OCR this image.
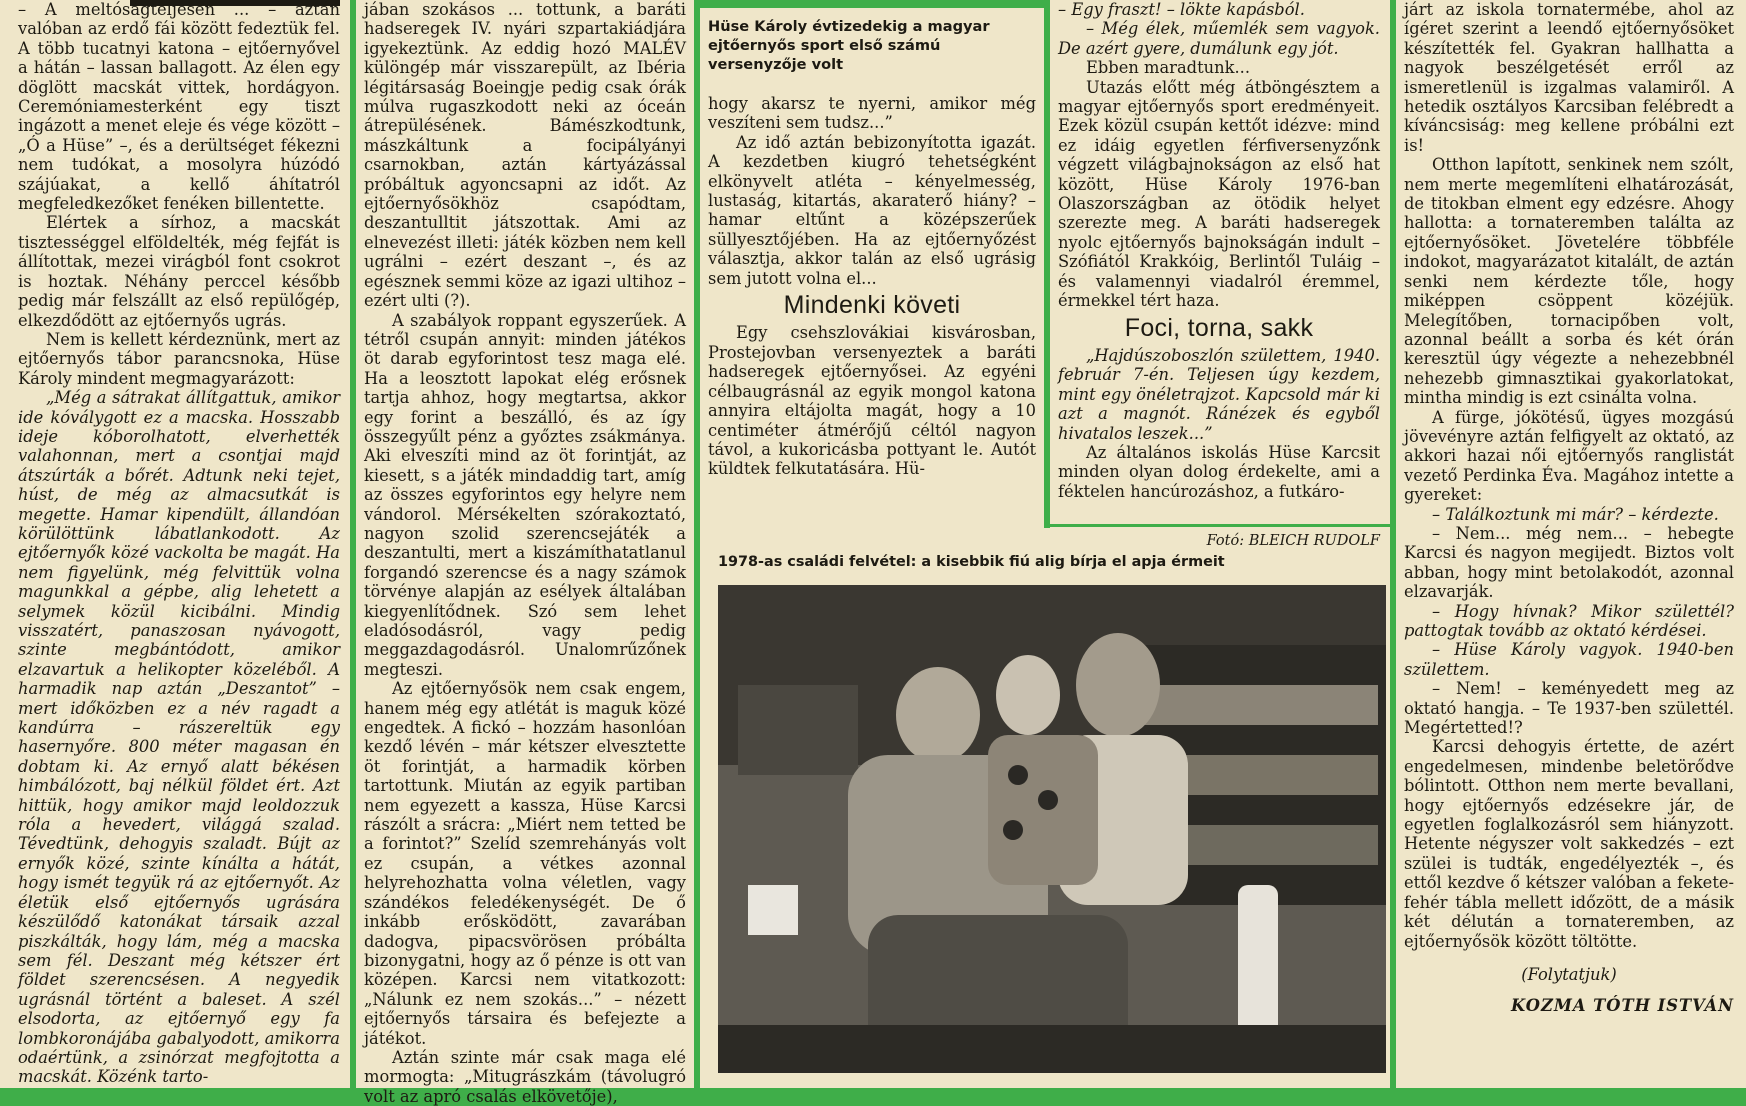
– A meltóságteljesen ... – aztán valóban az erdő fái között fedeztük fel. A több tucatnyi katona – ejtőernyővel a hátán – lassan ballagott. Az élen egy döglött macskát vittek, hordágyon. Ceremóniamesterként egy tiszt ingázott a menet eleje és vége között – „Ó a Hüse” –, és a derültséget fékezni nem tudókat, a mosolyra húzódó szájúakat, a kellő áhítatról megfeledkezőket fenéken billentette.

Elértek a sírhoz, a macskát tisztességgel elföldelték, még fejfát is állítottak, mezei virágból font csokrot is hoztak. Néhány perccel később pedig már felszállt az első repülőgép, elkezdődött az ejtőernyős ugrás.

Nem is kellett kérdeznünk, mert az ejtőernyős tábor parancsnoka, Hüse Károly mindent megmagyarázott:

„Még a sátrakat állítgattuk, amikor ide kóválygott ez a macska. Hosszabb ideje kóborolhatott, elverhették valahonnan, mert a csontjai majd átszúrták a bőrét. Adtunk neki tejet, húst, de még az almacsutkát is megette. Hamar kipendült, állandóan körülöttünk lábatlankodott. Az ejtőernyők közé vackolta be magát. Ha nem figyelünk, még felvittük volna magunkkal a gépbe, alig lehetett a selymek közül kicibálni. Mindig visszatért, panaszosan nyávogott, szinte megbántódott, amikor elzavartuk a helikopter közeléből. A harmadik nap aztán „Deszantot” – mert időközben ez a név ragadt a kandúrra – rászereltük egy hasernyőre. 800 méter magasan én dobtam ki. Az ernyő alatt békésen himbálózott, baj nélkül földet ért. Azt hittük, hogy amikor majd leoldozzuk róla a hevedert, világgá szalad. Tévedtünk, dehogyis szaladt. Bújt az ernyők közé, szinte kínálta a hátát, hogy ismét tegyük rá az ejtőernyőt. Az életük első ejtőernyős ugrására készülődő katonákat társaik azzal piszkálták, hogy lám, még a macska sem fél. Deszant még kétszer ért földet szerencsésen. A negyedik ugrásnál történt a baleset. A szél elsodorta, az ejtőernyő egy fa lombkoronájába gabalyodott, amikorra odaértünk, a zsinórzat megfojtotta a macskát. Közénk tarto-

jában szokásos ... tottunk, a baráti hadseregek IV. nyári szpartakiádjára igyekeztünk. Az eddig hozó MALÉV különgép már visszarepült, az Ibéria légitársaság Boeingje pedig csak órák múlva rugaszkodott neki az óceán átrepülésének. Bámészkodtunk, mászkáltunk a focipályányi csarnokban, aztán kártyázással próbáltuk agyoncsapni az időt. Az ejtőernyősökhöz csapódtam, deszantulltit játszottak. Ami az elnevezést illeti: játék közben nem kell ugrálni – ezért deszant –, és az egésznek semmi köze az igazi ultihoz – ezért ulti (?).

A szabályok roppant egyszerűek. A tétről csupán annyit: minden játékos öt darab egyforintost tesz maga elé. Ha a leosztott lapokat elég erősnek tartja ahhoz, hogy megtartsa, akkor egy forint a beszálló, és az így összegyűlt pénz a győztes zsákmánya. Aki elveszíti mind az öt forintját, az kiesett, s a játék mindaddig tart, amíg az összes egyforintos egy helyre nem vándorol. Mérsékelten szórakoztató, nagyon szolid szerencsejáték a deszantulti, mert a kiszámíthatatlanul forgandó szerencse és a nagy számok törvénye alapján az esélyek általában kiegyenlítődnek. Szó sem lehet eladósodásról, vagy pedig meggazdagodásról. Unalomrűzőnek megteszi.

Az ejtőernyősök nem csak engem, hanem még egy atlétát is maguk közé engedtek. A fickó – hozzám hasonlóan kezdő lévén – már kétszer elvesztette öt forintját, a harmadik körben tartottunk. Miután az egyik partiban nem egyezett a kassza, Hüse Karcsi rászólt a srácra: „Miért nem tetted be a forintot?” Szelíd szemrehányás volt ez csupán, a vétkes azonnal helyrehozhatta volna véletlen, vagy szándékos feledékenységét. De ő inkább erősködött, zavarában dadogva, pipacsvörösen próbálta bizonygatni, hogy az ő pénze is ott van középen. Karcsi nem vitatkozott: „Nálunk ez nem szokás...” – nézett ejtőernyős társaira és befejezte a játékot.

Aztán szinte már csak maga elé mormogta: „Mitugrászkám (távolugró volt az apró csalás elkövetője),

Hüse Károly évtizedekig a magyar ejtőernyős sport első számú versenyzője volt

hogy akarsz te nyerni, amikor még veszíteni sem tudsz...”

Az idő aztán bebizonyította igazát. A kezdetben kiugró tehetségként elkönyvelt atléta – kényelmesség, lustaság, kitartás, akaraterő hiány? – hamar eltűnt a középszerűek süllyesztőjében. Ha az ejtőernyőzést választja, akkor talán az első ugrásig sem jutott volna el...

Mindenki követi

Egy csehszlovákiai kisvárosban, Prostejovban versenyeztek a baráti hadseregek ejtőernyősei. Az egyéni célbaugrásnál az egyik mongol katona annyira eltájolta magát, hogy a 10 centiméter átmérőjű céltól nagyon távol, a kukoricásba pottyant le. Autót küldtek felkutatására. Hü-

– Egy fraszt! – lökte kapásból.

– Még élek, műemlék sem vagyok. De azért gyere, dumálunk egy jót.

Ebben maradtunk...

Utazás előtt még átböngésztem a magyar ejtőernyős sport eredményeit. Ezek közül csupán kettőt idézve: mind ez idáig egyetlen férfiversenyzőnk végzett világbajnokságon az első hat között, Hüse Károly 1976-ban Olaszországban az ötödik helyet szerezte meg. A baráti hadseregek nyolc ejtőernyős bajnokságán indult – Szófiától Krakkóig, Berlintől Tuláig – és valamennyi viadalról éremmel, érmekkel tért haza.

Foci, torna, sakk

„Hajdúszoboszlón születtem, 1940. február 7-én. Teljesen úgy kezdem, mint egy önéletrajzot. Kapcsold már ki azt a magnót. Ránézek és egyből hivatalos leszek...”

Az általános iskolás Hüse Karcsit minden olyan dolog érdekelte, ami a féktelen hancúrozáshoz, a futkáro-

járt az iskola tornatermébe, ahol az ígéret szerint a leendő ejtőernyősöket készítették fel. Gyakran hallhatta a nagyok beszélgetését erről az ismeretlenül is izgalmas valamiről. A hetedik osztályos Karcsiban felébredt a kíváncsiság: meg kellene próbálni ezt is!

Otthon lapított, senkinek nem szólt, nem merte megemlíteni elhatározását, de titokban elment egy edzésre. Ahogy hallotta: a tornateremben találta az ejtőernyősöket. Jövetelére többféle indokot, magyarázatot kitalált, de aztán senki nem kérdezte tőle, hogy miképpen csöppent közéjük. Melegítőben, tornacipőben volt, azonnal beállt a sorba és két órán keresztül úgy végezte a nehezebbnél nehezebb gimnasztikai gyakorlatokat, mintha mindig is ezt csinálta volna.

A fürge, jókötésű, ügyes mozgású jövevényre aztán felfigyelt az oktató, az akkori hazai női ejtőernyős ranglistát vezető Perdinka Éva. Magához intette a gyereket:

– Találkoztunk mi már? – kérdezte.

– Nem... még nem... – hebegte Karcsi és nagyon megijedt. Biztos volt abban, hogy mint betolakodót, azonnal elzavarják.

– Hogy hívnak? Mikor születtél? pattogtak tovább az oktató kérdései.

– Hüse Károly vagyok. 1940-ben születtem.

– Nem! – keményedett meg az oktató hangja. – Te 1937-ben születtél. Megértetted!?

Karcsi dehogyis értette, de azért engedelmesen, mindenbe beletörődve bólintott. Otthon nem merte bevallani, hogy ejtőernyős edzésekre jár, de egyetlen foglalkozásról sem hiányzott. Hetente négyszer volt sakkedzés – ezt szülei is tudták, engedélyezték –, és ettől kezdve ő kétszer valóban a fekete-fehér tábla mellett időzött, de a másik két délután a tornateremben, az ejtőernyősök között töltötte.

(Folytatjuk)
KOZMA TÓTH ISTVÁN
Fotó: BLEICH RUDOLF
1978-as családi felvétel: a kisebbik fiú alig bírja el apja érmeit
